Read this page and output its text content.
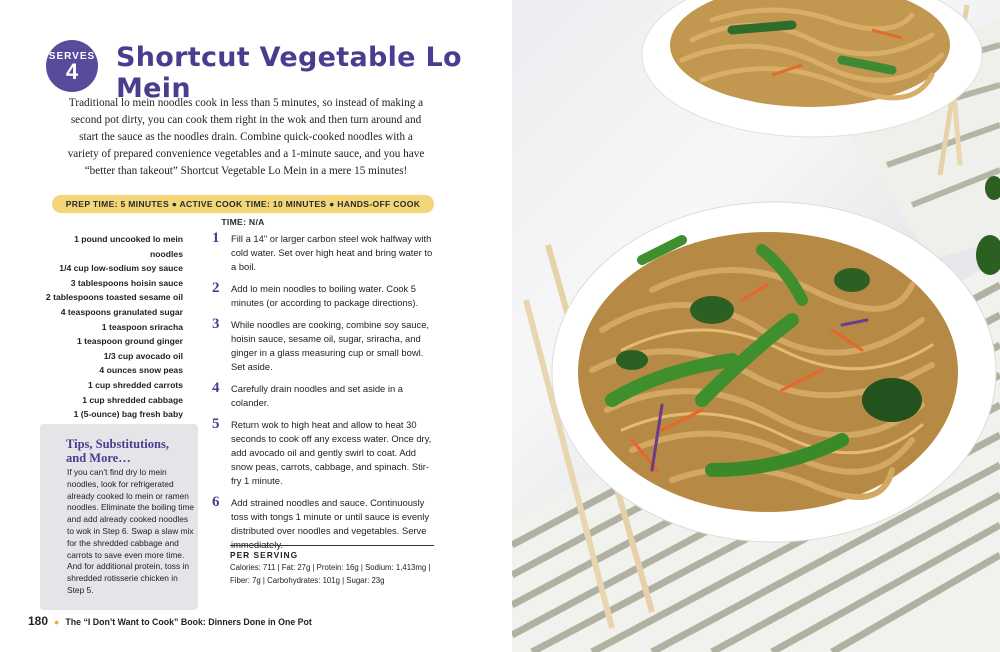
SERVES
4	Shortcut Vegetable Lo Mein
Traditional lo mein noodles cook in less than 5 minutes, so instead of making a second pot dirty, you can cook them right in the wok and then turn around and start the sauce as the noodles drain. Combine quick-cooked noodles with a variety of prepared convenience vegetables and a 1-minute sauce, and you have “better than takeout” Shortcut Vegetable Lo Mein in a mere 15 minutes!
PREP TIME: 5 MINUTES ● ACTIVE COOK TIME: 10 MINUTES ● HANDS-OFF COOK TIME: N/A
1 pound uncooked lo mein noodles
1/4 cup low-sodium soy sauce
3 tablespoons hoisin sauce
2 tablespoons toasted sesame oil
4 teaspoons granulated sugar
1 teaspoon sriracha
1 teaspoon ground ginger
1/3 cup avocado oil
4 ounces snow peas
1 cup shredded carrots
1 cup shredded cabbage
1 (5-ounce) bag fresh baby
Tips, Substitutions, and More…
If you can’t find dry lo mein noodles, look for refrigerated already cooked lo mein or ramen noodles. Eliminate the boiling time and add already cooked noodles to wok in Step 6. Swap a slaw mix for the shredded cabbage and carrots to save even more time. And for additional protein, toss in shredded rotisserie chicken in Step 5.
1 Fill a 14" or larger carbon steel wok halfway with cold water. Set over high heat and bring water to a boil.
2 Add lo mein noodles to boiling water. Cook 5 minutes (or according to package directions).
3 While noodles are cooking, combine soy sauce, hoisin sauce, sesame oil, sugar, sriracha, and ginger in a glass measuring cup or small bowl. Set aside.
4 Carefully drain noodles and set aside in a colander.
5 Return wok to high heat and allow to heat 30 seconds to cook off any excess water. Once dry, add avocado oil and gently swirl to coat. Add snow peas, carrots, cabbage, and spinach. Stir-fry 1 minute.
6 Add strained noodles and sauce. Continuously toss with tongs 1 minute or until sauce is evenly distributed over noodles and vegetables. Serve immediately.
PER SERVING
Calories: 711 | Fat: 27g | Protein: 16g | Sodium: 1,413mg |
Fiber: 7g | Carbohydrates: 101g | Sugar: 23g
180 ● The “I Don’t Want to Cook” Book: Dinners Done in One Pot
